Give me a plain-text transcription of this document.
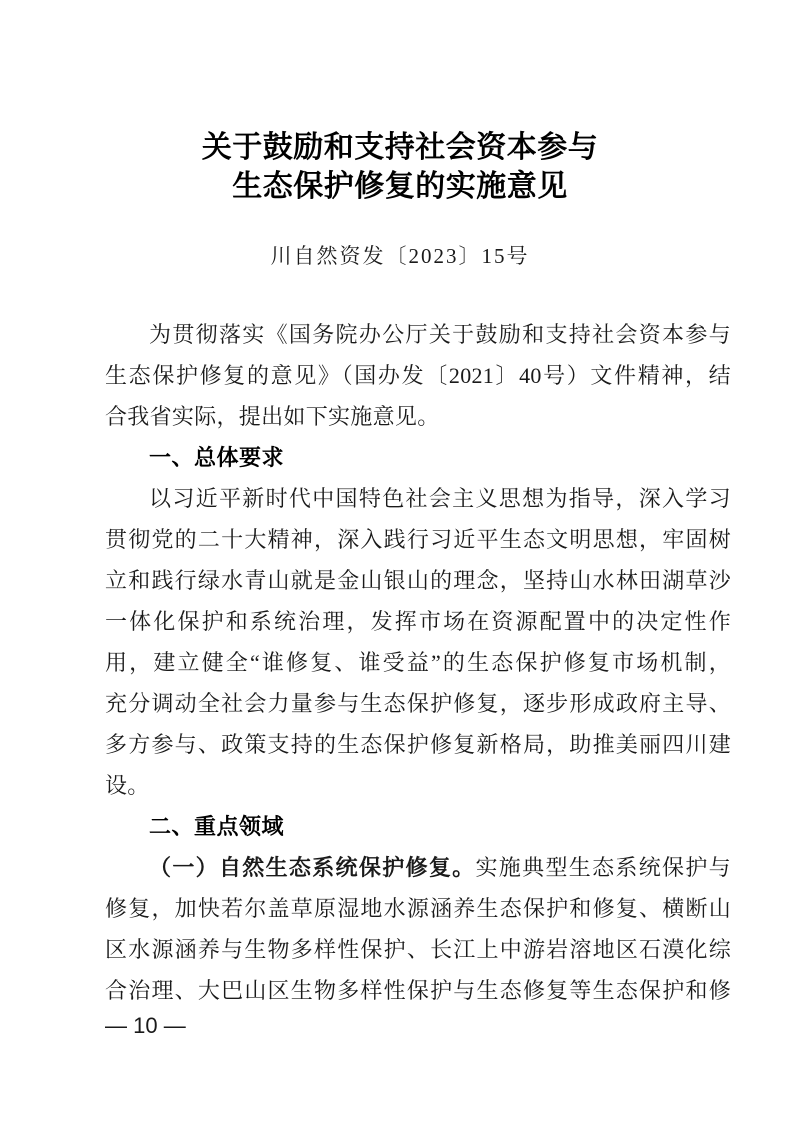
关于鼓励和支持社会资本参与
生态保护修复的实施意见
川自然资发〔2023〕15号
为贯彻落实《国务院办公厅关于鼓励和支持社会资本参与
生态保护修复的意见》（国办发〔2021〕40号）文件精神，结
合我省实际，提出如下实施意见。
一、总体要求
以习近平新时代中国特色社会主义思想为指导，深入学习
贯彻党的二十大精神，深入践行习近平生态文明思想，牢固树
立和践行绿水青山就是金山银山的理念，坚持山水林田湖草沙
一体化保护和系统治理，发挥市场在资源配置中的决定性作
用，建立健全“谁修复、谁受益”的生态保护修复市场机制，
充分调动全社会力量参与生态保护修复，逐步形成政府主导、
多方参与、政策支持的生态保护修复新格局，助推美丽四川建
设。
二、重点领域
（一）自然生态系统保护修复。实施典型生态系统保护与
修复，加快若尔盖草原湿地水源涵养生态保护和修复、横断山
区水源涵养与生物多样性保护、长江上中游岩溶地区石漠化综
合治理、大巴山区生物多样性保护与生态修复等生态保护和修
— 10 —
